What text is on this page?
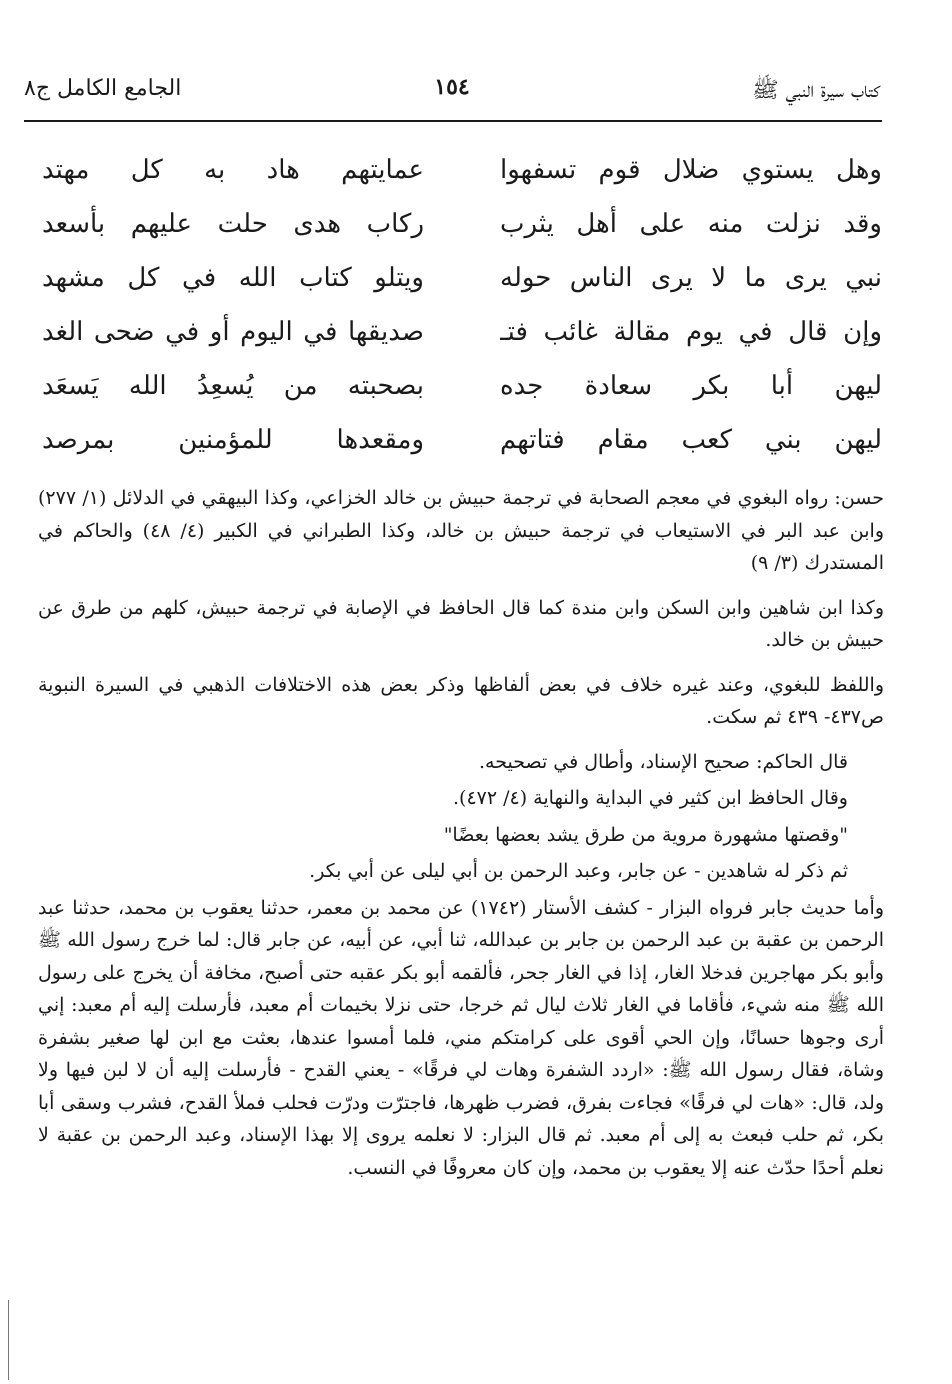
كتاب سيرة النبي ﷺ
١٥٤
الجامع الكامل ج٨
وهل يستوي ضلال قوم تسفهوا
عمايتهم هاد به كل مهتد
وقد نزلت منه على أهل يثرب
ركاب هدى حلت عليهم بأسعد
نبي يرى ما لا يرى الناس حوله
ويتلو كتاب الله في كل مشهد
وإن قال في يوم مقالة غائب فتـ
صديقها في اليوم أو في ضحى الغد
ليهن أبا بكر سعادة جده
بصحبته من يُسعِدُ الله يَسعَد
ليهن بني كعب مقام فتاتهم
ومقعدها للمؤمنين بمرصد

حسن: رواه البغوي في معجم الصحابة في ترجمة حبيش بن خالد الخزاعي، وكذا البيهقي في الدلائل (١/ ٢٧٧) وابن عبد البر في الاستيعاب في ترجمة حبيش بن خالد، وكذا الطبراني في الكبير (٤/ ٤٨) والحاكم في المستدرك (٣/ ٩)

وكذا ابن شاهين وابن السكن وابن مندة كما قال الحافظ في الإصابة في ترجمة حبيش، كلهم من طرق عن حبيش بن خالد.

واللفظ للبغوي، وعند غيره خلاف في بعض ألفاظها وذكر بعض هذه الاختلافات الذهبي في السيرة النبوية ص٤٣٧- ٤٣٩ ثم سكت.

قال الحاكم: صحيح الإسناد، وأطال في تصحيحه.

وقال الحافظ ابن كثير في البداية والنهاية (٤/ ٤٧٢).

"وقصتها مشهورة مروية من طرق يشد بعضها بعضًا"

ثم ذكر له شاهدين - عن جابر، وعبد الرحمن بن أبي ليلى عن أبي بكر.

وأما حديث جابر فرواه البزار - كشف الأستار (١٧٤٢) عن محمد بن معمر، حدثنا يعقوب بن محمد، حدثنا عبد الرحمن بن عقبة بن عبد الرحمن بن جابر بن عبدالله، ثنا أبي، عن أبيه، عن جابر قال: لما خرج رسول الله ﷺ وأبو بكر مهاجرين فدخلا الغار، إذا في الغار جحر، فألقمه أبو بكر عقبه حتى أصبح، مخافة أن يخرج على رسول الله ﷺ منه شيء، فأقاما في الغار ثلاث ليال ثم خرجا، حتى نزلا بخيمات أم معبد، فأرسلت إليه أم معبد: إني أرى وجوها حسانًا، وإن الحي أقوى على كرامتكم مني، فلما أمسوا عندها، بعثت مع ابن لها صغير بشفرة وشاة، فقال رسول الله ﷺ: «اردد الشفرة وهات لي فرقًا» - يعني القدح - فأرسلت إليه أن لا لبن فيها ولا ولد، قال: «هات لي فرقًا» فجاءت بفرق، فضرب ظهرها، فاجترّت ودرّت فحلب فملأ القدح، فشرب وسقى أبا بكر، ثم حلب فبعث به إلى أم معبد. ثم قال البزار: لا نعلمه يروى إلا بهذا الإسناد، وعبد الرحمن بن عقبة لا نعلم أحدًا حدّث عنه إلا يعقوب بن محمد، وإن كان معروفًا في النسب.
